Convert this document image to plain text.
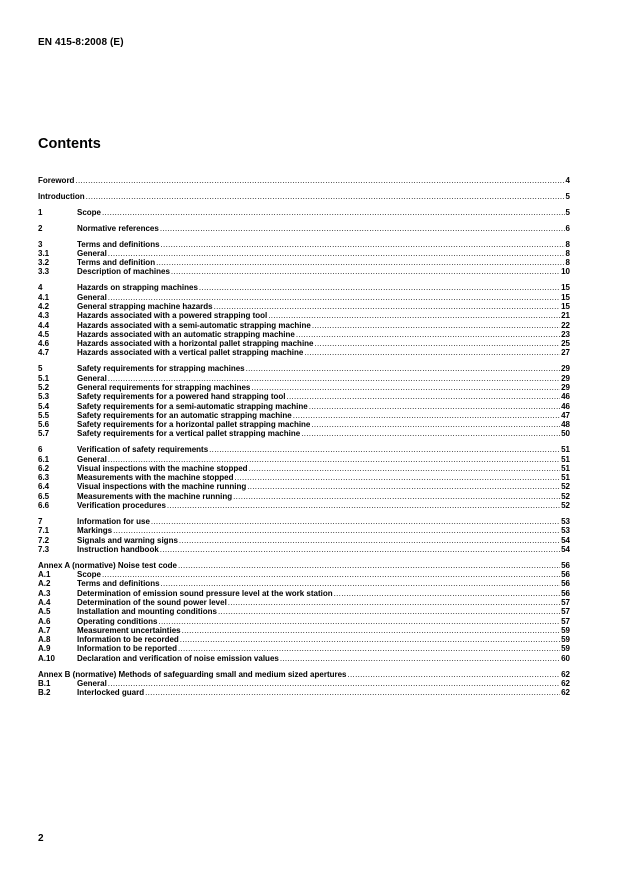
EN 415-8:2008 (E)
Contents
Foreword .....	4
Introduction .....	5
1	Scope .....	5
2	Normative references .....	6
3	Terms and definitions .....	8
3.1	General .....	8
3.2	Terms and definition .....	8
3.3	Description of machines .....	10
4	Hazards on strapping machines .....	15
4.1	General .....	15
4.2	General strapping machine hazards .....	15
4.3	Hazards associated with a powered strapping tool .....	21
4.4	Hazards associated with a semi-automatic strapping machine .....	22
4.5	Hazards associated with an automatic strapping machine .....	23
4.6	Hazards associated with a horizontal pallet strapping machine .....	25
4.7	Hazards associated with a vertical pallet strapping machine .....	27
5	Safety requirements for strapping machines .....	29
5.1	General .....	29
5.2	General requirements for strapping machines .....	29
5.3	Safety requirements for a powered hand strapping tool .....	46
5.4	Safety requirements for a semi-automatic strapping machine .....	46
5.5	Safety requirements for an automatic strapping machine .....	47
5.6	Safety requirements for a horizontal pallet strapping machine .....	48
5.7	Safety requirements for a vertical pallet strapping machine .....	50
6	Verification of safety requirements .....	51
6.1	General .....	51
6.2	Visual inspections with the machine stopped .....	51
6.3	Measurements with the machine stopped .....	51
6.4	Visual inspections with the machine running .....	52
6.5	Measurements with the machine running .....	52
6.6	Verification procedures .....	52
7	Information for use .....	53
7.1	Markings .....	53
7.2	Signals and warning signs .....	54
7.3	Instruction handbook .....	54
Annex A (normative) Noise test code .....	56
A.1	Scope .....	56
A.2	Terms and definitions .....	56
A.3	Determination of emission sound pressure level at the work station .....	56
A.4	Determination of the sound power level .....	57
A.5	Installation and mounting conditions .....	57
A.6	Operating conditions .....	57
A.7	Measurement uncertainties .....	59
A.8	Information to be recorded .....	59
A.9	Information to be reported .....	59
A.10	Declaration and verification of noise emission values .....	60
Annex B (normative) Methods of safeguarding small and medium sized apertures .....	62
B.1	General .....	62
B.2	Interlocked guard .....	62
2
